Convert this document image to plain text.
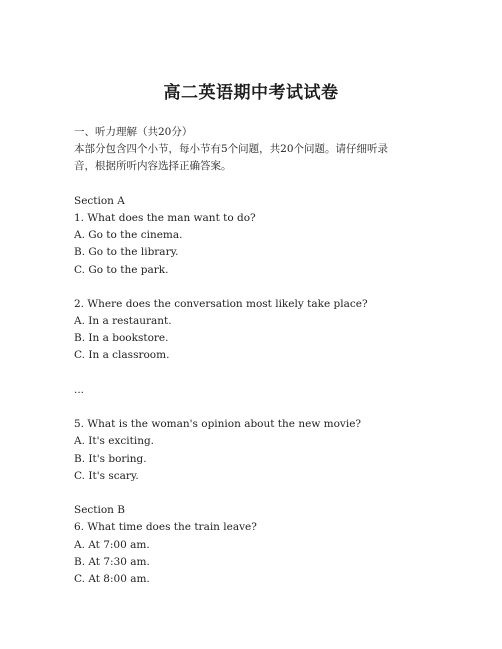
高二英语期中考试试卷
一、听力理解（共20分）
本部分包含四个小节，每小节有5个问题，共20个问题。请仔细听录
音，根据所听内容选择正确答案。
Section A
1. What does the man want to do?
A. Go to the cinema.
B. Go to the library.
C. Go to the park.
2. Where does the conversation most likely take place?
A. In a restaurant.
B. In a bookstore.
C. In a classroom.
...
5. What is the woman's opinion about the new movie?
A. It's exciting.
B. It's boring.
C. It's scary.
Section B
6. What time does the train leave?
A. At 7:00 am.
B. At 7:30 am.
C. At 8:00 am.
